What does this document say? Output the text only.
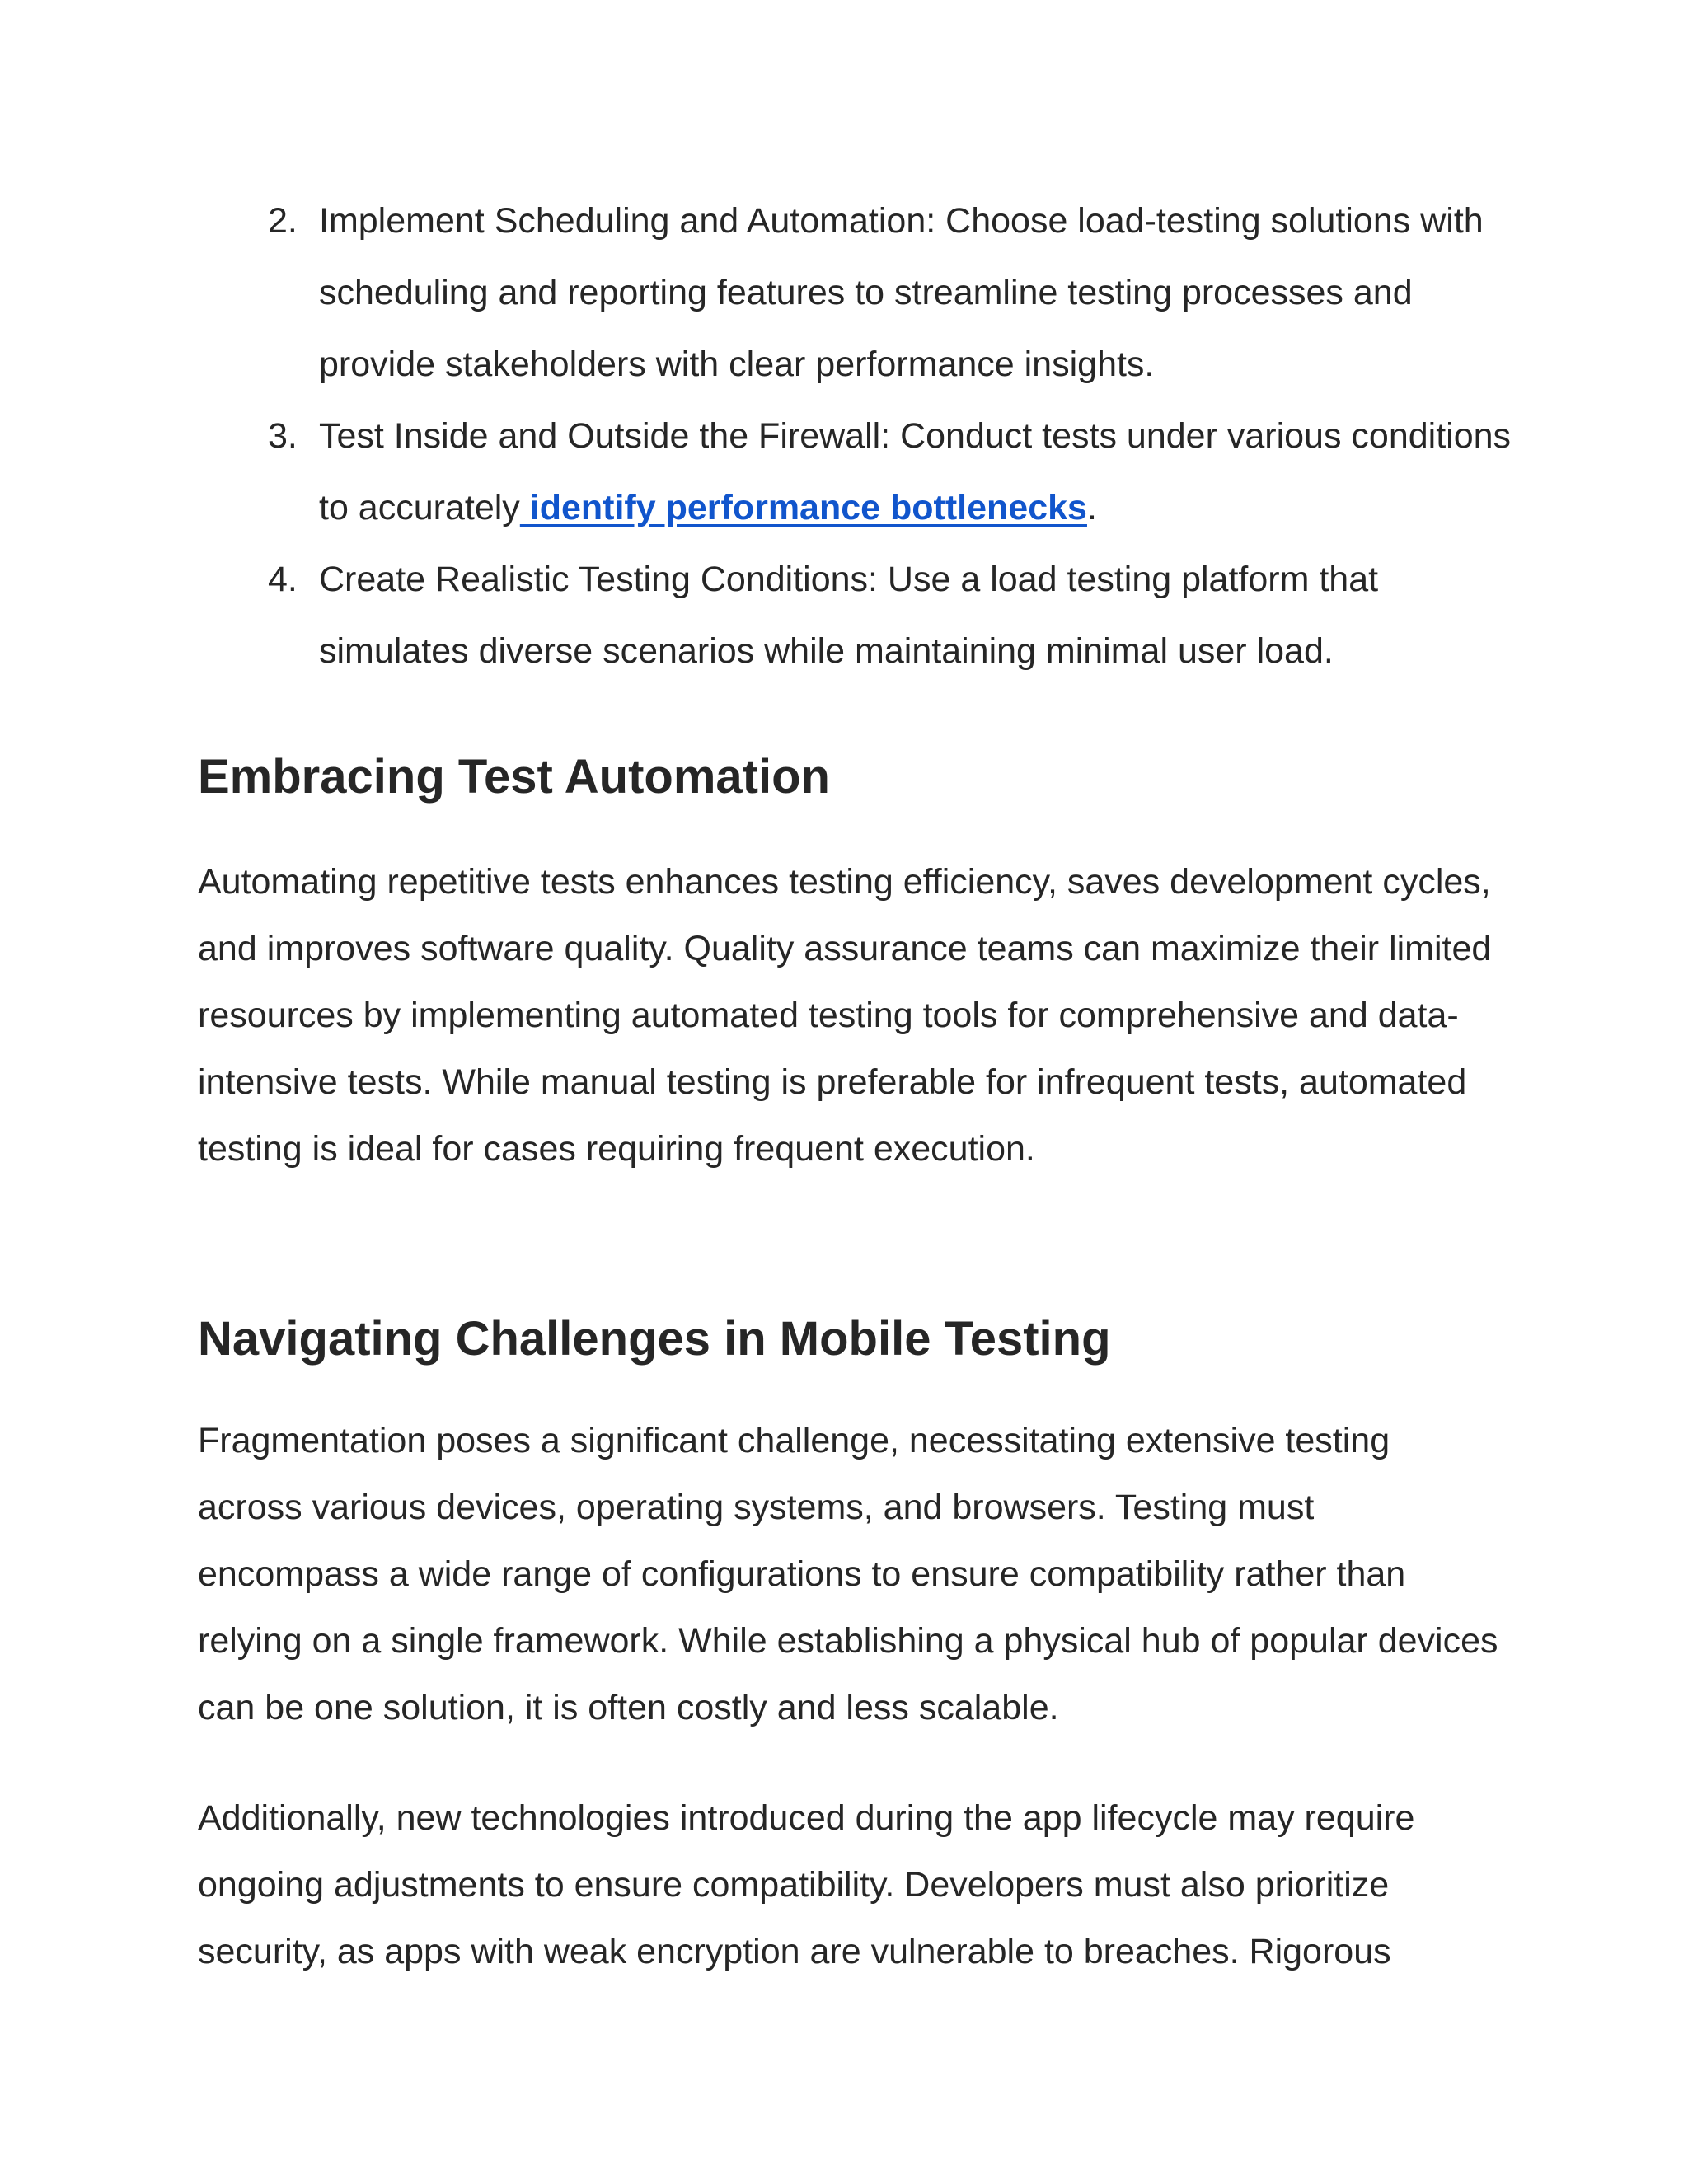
2. Implement Scheduling and Automation: Choose load-testing solutions with scheduling and reporting features to streamline testing processes and provide stakeholders with clear performance insights.
3. Test Inside and Outside the Firewall: Conduct tests under various conditions to accurately identify performance bottlenecks.
4. Create Realistic Testing Conditions: Use a load testing platform that simulates diverse scenarios while maintaining minimal user load.
Embracing Test Automation

Automating repetitive tests enhances testing efficiency, saves development cycles, and improves software quality. Quality assurance teams can maximize their limited resources by implementing automated testing tools for comprehensive and data-intensive tests. While manual testing is preferable for infrequent tests, automated testing is ideal for cases requiring frequent execution.

Navigating Challenges in Mobile Testing

Fragmentation poses a significant challenge, necessitating extensive testing across various devices, operating systems, and browsers. Testing must encompass a wide range of configurations to ensure compatibility rather than relying on a single framework. While establishing a physical hub of popular devices can be one solution, it is often costly and less scalable.

Additionally, new technologies introduced during the app lifecycle may require ongoing adjustments to ensure compatibility. Developers must also prioritize security, as apps with weak encryption are vulnerable to breaches. Rigorous
